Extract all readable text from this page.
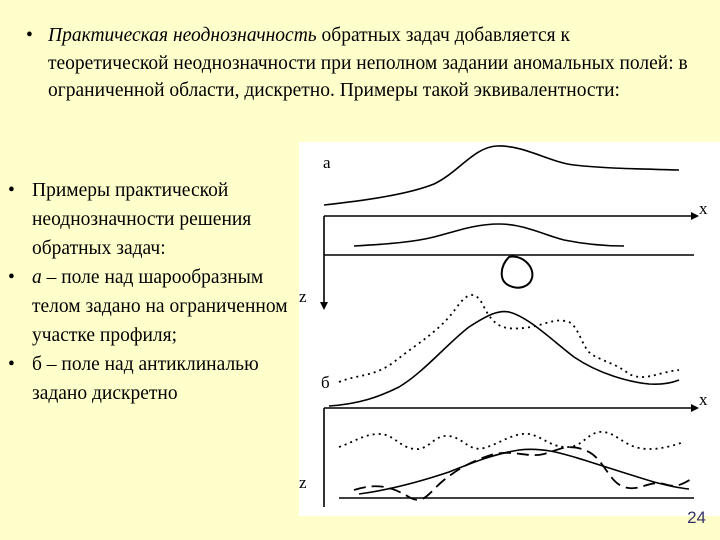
• Практическая неоднозначность обратных задач добавляется к теоретической неоднозначности при неполном задании аномальных полей: в ограниченной области, дискретно. Примеры такой эквивалентности:
• Примеры практической неоднозначности решения обратных задач:
• а – поле над шарообразным телом задано на ограниченном участке профиля;
• б – поле над антиклиналью задано дискретно
а
x
z
б
x
z
24
